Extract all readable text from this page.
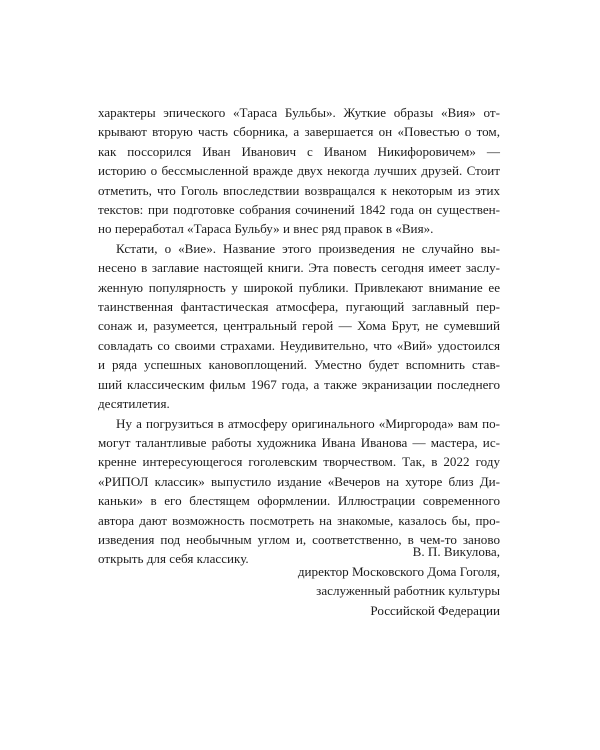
характеры эпического «Тараса Бульбы». Жуткие образы «Вия» от-
крывают вторую часть сборника, а завершается он «Повестью о том,
как поссорился Иван Иванович с Иваном Никифоровичем» —
историю о бессмысленной вражде двух некогда лучших друзей. Стоит
отметить, что Гоголь впоследствии возвращался к некоторым из этих
текстов: при подготовке собрания сочинений 1842 года он существен-
но переработал «Тараса Бульбу» и внес ряд правок в «Вия».

Кстати, о «Вие». Название этого произведения не случайно вы-
несено в заглавие настоящей книги. Эта повесть сегодня имеет заслу-
женную популярность у широкой публики. Привлекают внимание ее
таинственная фантастическая атмосфера, пугающий заглавный пер-
сонаж и, разумеется, центральный герой — Хома Брут, не сумевший
совладать со своими страхами. Неудивительно, что «Вий» удостоился
и ряда успешных кановоплощений. Уместно будет вспомнить став-
ший классическим фильм 1967 года, а также экранизации последнего
десятилетия.

Ну а погрузиться в атмосферу оригинального «Миргорода» вам по-
могут талантливые работы художника Ивана Иванова — мастера, ис-
кренне интересующегося гоголевским творчеством. Так, в 2022 году
«РИПОЛ классик» выпустило издание «Вечеров на хуторе близ Ди-
каньки» в его блестящем оформлении. Иллюстрации современного
автора дают возможность посмотреть на знакомые, казалось бы, про-
изведения под необычным углом и, соответственно, в чем-то заново
открыть для себя классику.	В. П. Викулова,
директор Московского Дома Гоголя,
заслуженный работник культуры
Российской Федерации
